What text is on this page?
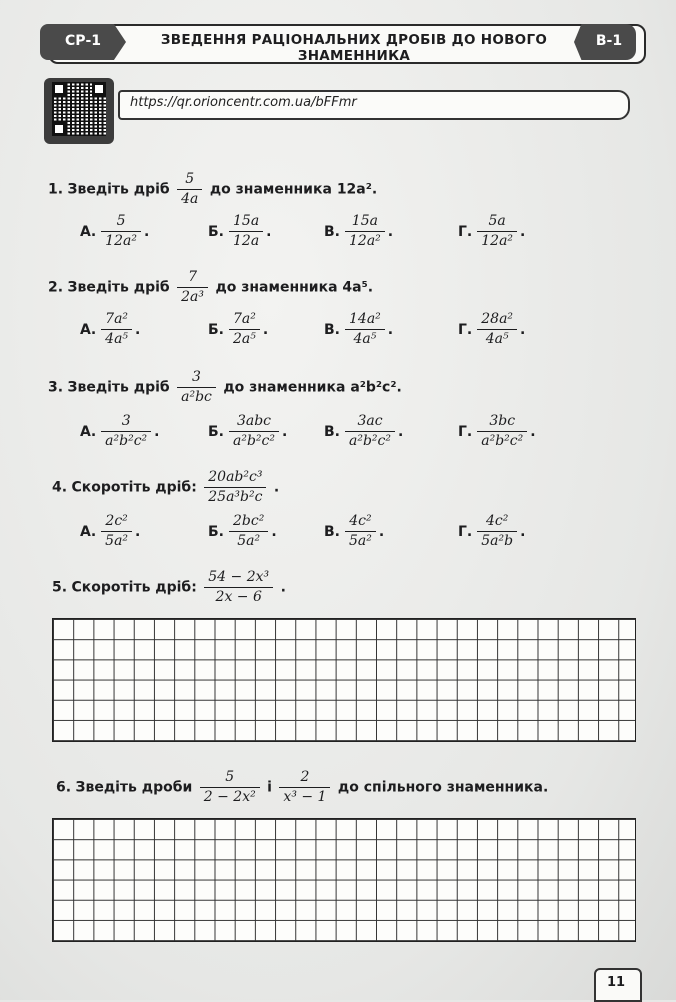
СР-1	ЗВЕДЕННЯ РАЦІОНАЛЬНИХ ДРОБІВ ДО НОВОГО ЗНАМЕННИКА
В-1
https://qr.orioncentr.com.ua/bFFmr
1. Зведіть дріб $\frac{5}{4a}$ до знаменника 12a².
А. $\frac{5}{\text{12a²}}$ .	Б. $\frac{15a}{12a}$ .	В. $\frac{15a}{\text{12a²}}$ .	Г. $\frac{5a}{\text{12a²}}$ .
2. Зведіть дріб $\frac{7}{\text{2a³}}$ до знаменника 4a⁵.
А. $\frac{\text{7a²}}{\text{4a⁵}}$ .	Б. $\frac{\text{7a²}}{\text{2a⁵}}$ .	В. $\frac{\text{14a²}}{\text{4a⁵}}$ .	Г. $\frac{\text{28a²}}{\text{4a⁵}}$ .
3. Зведіть дріб $\frac{3}{\text{a²bc}}$ до знаменника a²b²c².
А. $\frac{3}{\text{a²b²c²}}$ .	Б. $\frac{\text{3abc}}{\text{a²b²c²}}$ .	В. $\frac{3ac}{\text{a²b²c²}}$ .	Г. $\frac{3bc}{\text{a²b²c²}}$ .
4. Скоротіть дріб: $\frac{\text{20ab²c³}}{\text{25a³b²c}}$ .
А. $\frac{\text{2c²}}{\text{5a²}}$ .	Б. $\frac{\text{2bc²}}{\text{5a²}}$ .	В. $\frac{\text{4c²}}{\text{5a²}}$ .	Г. $\frac{\text{4c²}}{\text{5a²b}}$ .
5. Скоротіть дріб: $\frac{\text{54 − 2x³}}{2x - 6}$ .
6. Зведіть дроби $\frac{5}{\text{2 − 2x²}}$ і $\frac{2}{\text{x³ − 1}}$ до спільного знаменника.
11
